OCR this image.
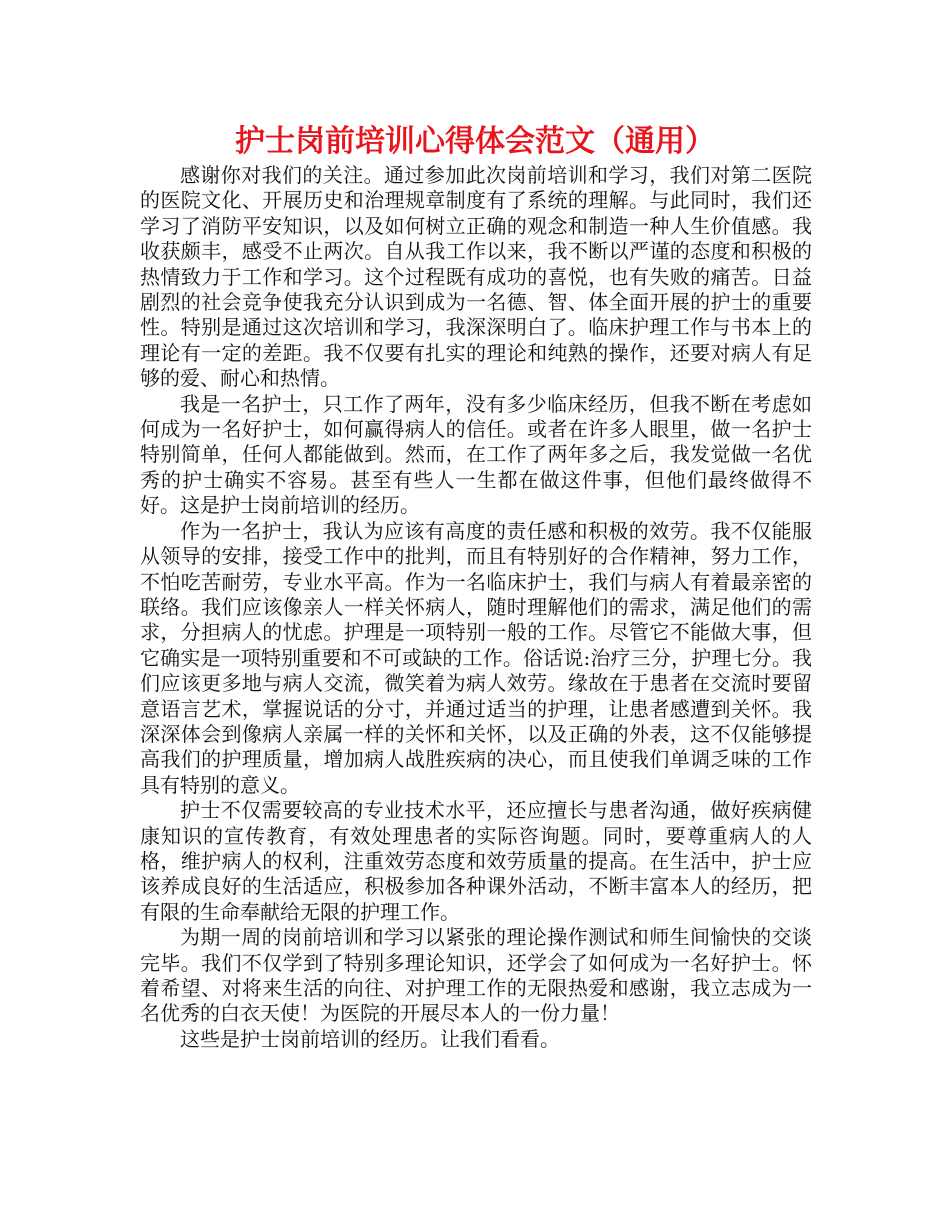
护士岗前培训心得体会范文（通用）

感谢你对我们的关注。通过参加此次岗前培训和学习，我们对第二医院的医院文化、开展历史和治理规章制度有了系统的理解。与此同时，我们还学习了消防平安知识，以及如何树立正确的观念和制造一种人生价值感。我收获颇丰，感受不止两次。自从我工作以来，我不断以严谨的态度和积极的热情致力于工作和学习。这个过程既有成功的喜悦，也有失败的痛苦。日益剧烈的社会竞争使我充分认识到成为一名德、智、体全面开展的护士的重要性。特别是通过这次培训和学习，我深深明白了。临床护理工作与书本上的理论有一定的差距。我不仅要有扎实的理论和纯熟的操作，还要对病人有足够的爱、耐心和热情。

我是一名护士，只工作了两年，没有多少临床经历，但我不断在考虑如何成为一名好护士，如何赢得病人的信任。或者在许多人眼里，做一名护士特别简单，任何人都能做到。然而，在工作了两年多之后，我发觉做一名优秀的护士确实不容易。甚至有些人一生都在做这件事，但他们最终做得不好。这是护士岗前培训的经历。

作为一名护士，我认为应该有高度的责任感和积极的效劳。我不仅能服从领导的安排，接受工作中的批判，而且有特别好的合作精神，努力工作，不怕吃苦耐劳，专业水平高。作为一名临床护士，我们与病人有着最亲密的联络。我们应该像亲人一样关怀病人，随时理解他们的需求，满足他们的需求，分担病人的忧虑。护理是一项特别一般的工作。尽管它不能做大事，但它确实是一项特别重要和不可或缺的工作。俗话说:治疗三分，护理七分。我们应该更多地与病人交流，微笑着为病人效劳。缘故在于患者在交流时要留意语言艺术，掌握说话的分寸，并通过适当的护理，让患者感遭到关怀。我深深体会到像病人亲属一样的关怀和关怀，以及正确的外表，这不仅能够提高我们的护理质量，增加病人战胜疾病的决心，而且使我们单调乏味的工作具有特别的意义。

护士不仅需要较高的专业技术水平，还应擅长与患者沟通，做好疾病健康知识的宣传教育，有效处理患者的实际咨询题。同时，要尊重病人的人格，维护病人的权利，注重效劳态度和效劳质量的提高。在生活中，护士应该养成良好的生活适应，积极参加各种课外活动，不断丰富本人的经历，把有限的生命奉献给无限的护理工作。

为期一周的岗前培训和学习以紧张的理论操作测试和师生间愉快的交谈完毕。我们不仅学到了特别多理论知识，还学会了如何成为一名好护士。怀着希望、对将来生活的向往、对护理工作的无限热爱和感谢，我立志成为一名优秀的白衣天使！为医院的开展尽本人的一份力量！

这些是护士岗前培训的经历。让我们看看。
